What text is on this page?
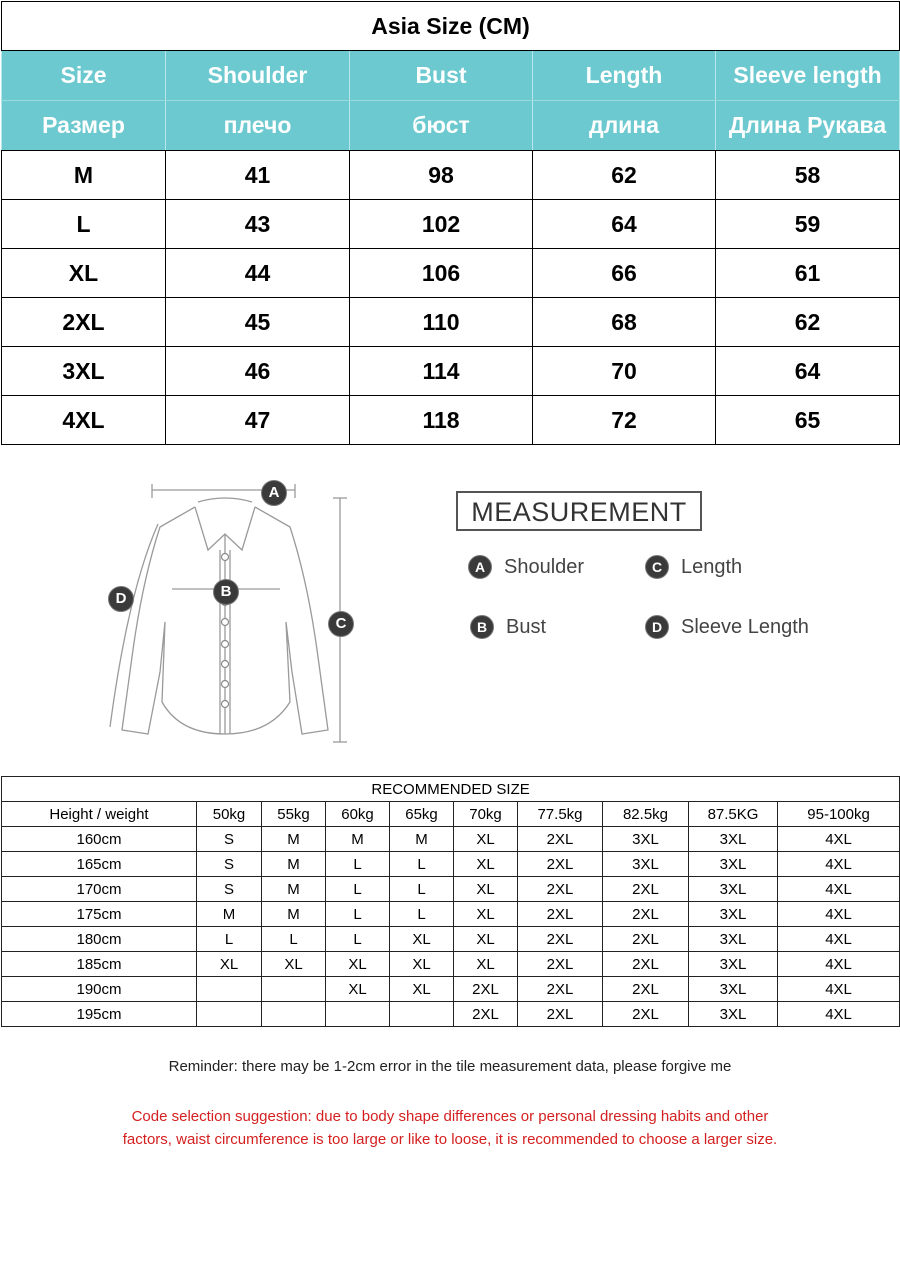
Asia Size (CM)				
Size	Shoulder	Bust	Length	Sleeve length
Размер	плечо	бюст	длина	Длина Рукава
M	41	98	62	58
L	43	102	64	59
XL	44	106	66	61
2XL	45	110	68	62
3XL	46	114	70	64
4XL	47	118	72	65
A
B
C
D
MEASUREMENT
A Shoulder	C Length
B Bust	D Sleeve Length
RECOMMENDED SIZE									
Height / weight	50kg	55kg	60kg	65kg	70kg	77.5kg	82.5kg	87.5KG	95-100kg
160cm	S	M	M	M	XL	2XL	3XL	3XL	4XL
165cm	S	M	L	L	XL	2XL	3XL	3XL	4XL
170cm	S	M	L	L	XL	2XL	2XL	3XL	4XL
175cm	M	M	L	L	XL	2XL	2XL	3XL	4XL
180cm	L	L	L	XL	XL	2XL	2XL	3XL	4XL
185cm	XL	XL	XL	XL	XL	2XL	2XL	3XL	4XL
190cm			XL	XL	2XL	2XL	2XL	3XL	4XL
195cm					2XL	2XL	2XL	3XL	4XL
Reminder: there may be 1-2cm error in the tile measurement data, please forgive me
Code selection suggestion: due to body shape differences or personal dressing habits and other
factors, waist circumference is too large or like to loose, it is recommended to choose a larger size.
